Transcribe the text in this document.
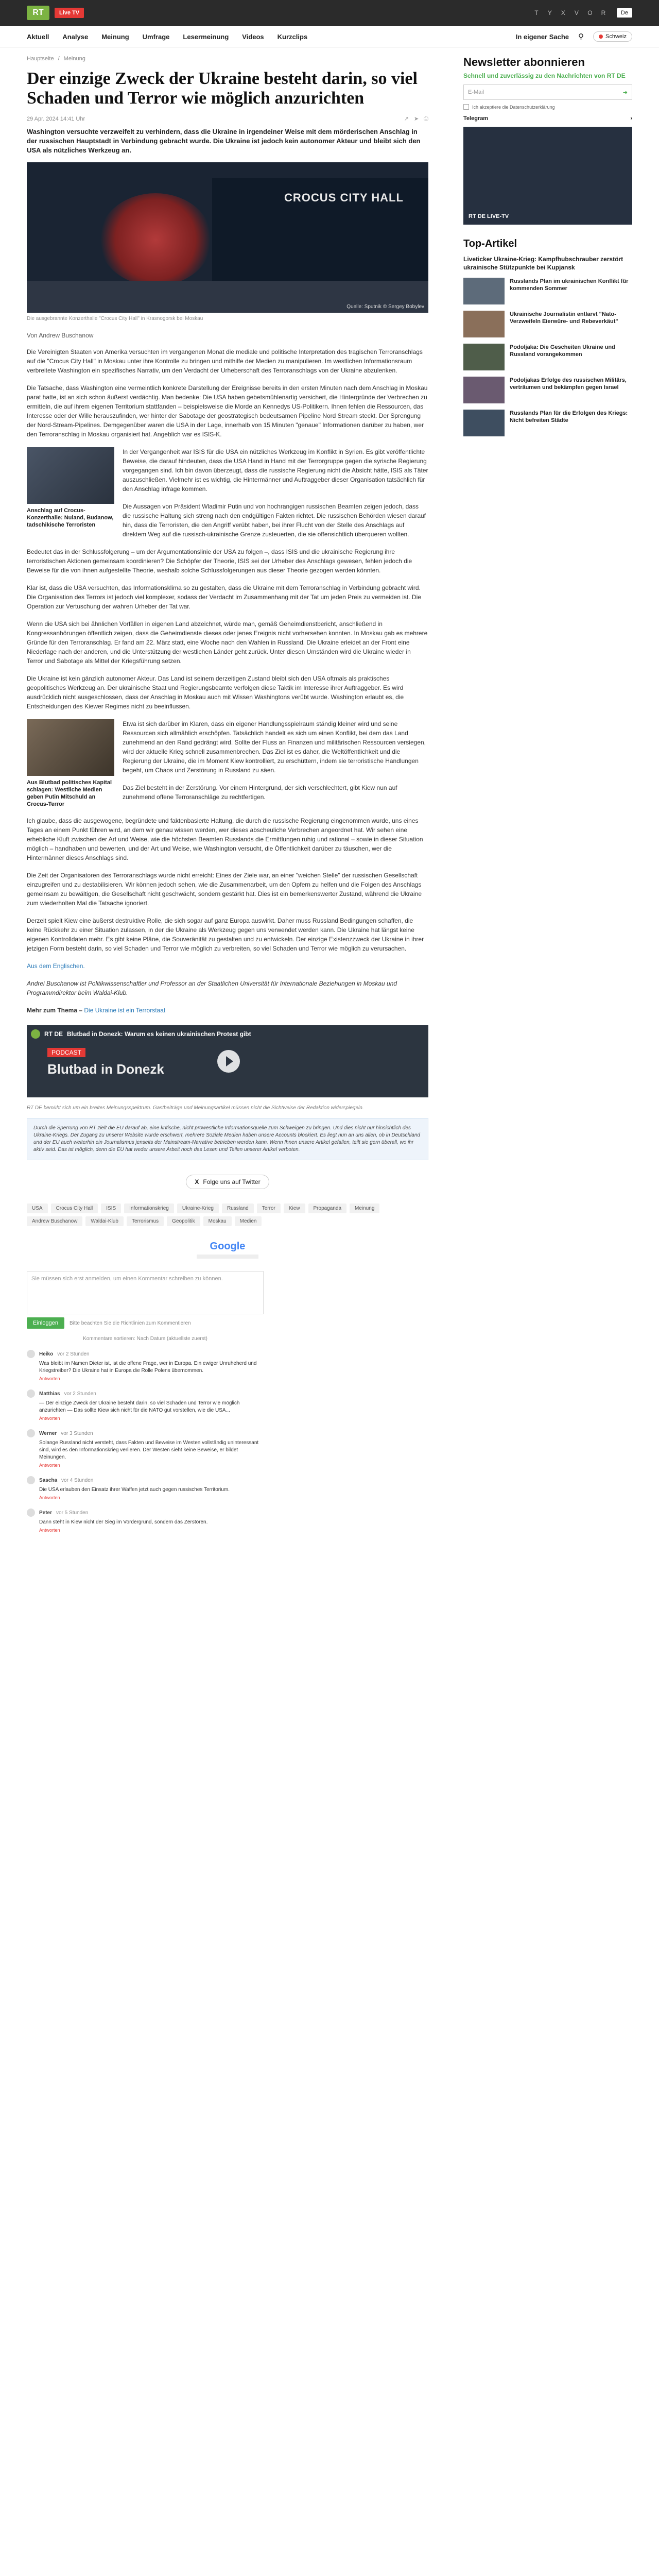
RT	Live TV	T	Y	X	V	O	R	De
Aktuell Analyse Meinung Umfrage Lesermeinung Videos Kurzclips	In eigener Sache ⚲	Schweiz
Hauptseite / Meinung
Der einzige Zweck der Ukraine besteht darin, so viel Schaden und Terror wie möglich anzurichten
29 Apr. 2024 14:41 Uhr	↗ ➤ ⎙

Washington versuchte verzweifelt zu verhindern, dass die Ukraine in irgendeiner Weise mit dem mörderischen Anschlag in der russischen Hauptstadt in Verbindung gebracht wurde. Die Ukraine ist jedoch kein autonomer Akteur und bleibt sich den USA als nützliches Werkzeug an.

CROCUS CITY HALL
Quelle: Sputnik © Sergey Bobylev
Die ausgebrannte Konzerthalle "Crocus City Hall" in Krasnogorsk bei Moskau
Von Andrew Buschanow

Die Vereinigten Staaten von Amerika versuchten im vergangenen Monat die mediale und politische Interpretation des tragischen Terroranschlags auf die "Crocus City Hall" in Moskau unter ihre Kontrolle zu bringen und mithilfe der Medien zu manipulieren. Im westlichen Informationsraum verbreitete Washington ein spezifisches Narrativ, um den Verdacht der Urheberschaft des Terroranschlags von der Ukraine abzulenken.

Die Tatsache, dass Washington eine vermeintlich konkrete Darstellung der Ereignisse bereits in den ersten Minuten nach dem Anschlag in Moskau parat hatte, ist an sich schon äußerst verdächtig. Man bedenke: Die USA haben gebetsmühlenartig versichert, die Hintergründe der Verbrechen zu ermitteln, die auf ihrem eigenen Territorium stattfanden – beispielsweise die Morde an Kennedys US-Politikern. Ihnen fehlen die Ressourcen, das Interesse oder der Wille herauszufinden, wer hinter der Sabotage der geostrategisch bedeutsamen Pipeline Nord Stream steckt. Der Sprengung der Nord-Stream-Pipelines. Demgegenüber waren die USA in der Lage, innerhalb von 15 Minuten "genaue" Informationen darüber zu haben, wer den Terroranschlag in Moskau organisiert hat. Angeblich war es ISIS-K.

Anschlag auf Crocus-Konzerthalle: Nuland, Budanow, tadschikische Terroristen

In der Vergangenheit war ISIS für die USA ein nützliches Werkzeug im Konflikt in Syrien. Es gibt veröffentlichte Beweise, die darauf hindeuten, dass die USA Hand in Hand mit der Terrorgruppe gegen die syrische Regierung vorgegangen sind. Ich bin davon überzeugt, dass die russische Regierung nicht die Absicht hätte, ISIS als Täter auszuschließen. Vielmehr ist es wichtig, die Hintermänner und Auftraggeber dieser Organisation tatsächlich für den Anschlag infrage kommen.

Die Aussagen von Präsident Wladimir Putin und von hochrangigen russischen Beamten zeigen jedoch, dass die russische Haltung sich streng nach den endgültigen Fakten richtet. Die russischen Behörden wiesen darauf hin, dass die Terroristen, die den Angriff verübt haben, bei ihrer Flucht von der Stelle des Anschlags auf direktem Weg auf die russisch-ukrainische Grenze zusteuerten, die sie offensichtlich überqueren wollten.

Bedeutet das in der Schlussfolgerung – um der Argumentationslinie der USA zu folgen –, dass ISIS und die ukrainische Regierung ihre terroristischen Aktionen gemeinsam koordinieren? Die Schöpfer der Theorie, ISIS sei der Urheber des Anschlags gewesen, fehlen jedoch die Beweise für die von ihnen aufgestellte Theorie, weshalb solche Schlussfolgerungen aus dieser Theorie gezogen werden könnten.

Klar ist, dass die USA versuchten, das Informationsklima so zu gestalten, dass die Ukraine mit dem Terroranschlag in Verbindung gebracht wird. Die Organisation des Terrors ist jedoch viel komplexer, sodass der Verdacht im Zusammenhang mit der Tat um jeden Preis zu vermeiden ist. Die Operation zur Vertuschung der wahren Urheber der Tat war.

Wenn die USA sich bei ähnlichen Vorfällen in eigenen Land abzeichnet, würde man, gemäß Geheimdienstbericht, anschließend in Kongressanhörungen öffentlich zeigen, dass die Geheimdienste dieses oder jenes Ereignis nicht vorhersehen konnten. In Moskau gab es mehrere Gründe für den Terroranschlag. Er fand am 22. März statt, eine Woche nach den Wahlen in Russland. Die Ukraine erleidet an der Front eine Niederlage nach der anderen, und die Unterstützung der westlichen Länder geht zurück. Unter diesen Umständen wird die Ukraine wieder in Terror und Sabotage als Mittel der Kriegsführung setzen.

Die Ukraine ist kein gänzlich autonomer Akteur. Das Land ist seinem derzeitigen Zustand bleibt sich den USA oftmals als praktisches geopolitisches Werkzeug an. Der ukrainische Staat und Regierungsbeamte verfolgen diese Taktik im Interesse ihrer Auftraggeber. Es wird ausdrücklich nicht ausgeschlossen, dass der Anschlag in Moskau auch mit Wissen Washingtons verübt wurde. Washington erlaubt es, die Entscheidungen des Kiewer Regimes nicht zu beeinflussen.

Aus Blutbad politisches Kapital schlagen: Westliche Medien geben Putin Mitschuld an Crocus-Terror

Etwa ist sich darüber im Klaren, dass ein eigener Handlungsspielraum ständig kleiner wird und seine Ressourcen sich allmählich erschöpfen. Tatsächlich handelt es sich um einen Konflikt, bei dem das Land zunehmend an den Rand gedrängt wird. Sollte der Fluss an Finanzen und militärischen Ressourcen versiegen, wird der aktuelle Krieg schnell zusammenbrechen. Das Ziel ist es daher, die Weltöffentlichkeit und die Regierung der Ukraine, die im Moment Kiew kontrolliert, zu erschüttern, indem sie terroristische Handlungen begeht, um Chaos und Zerstörung in Russland zu säen.

Das Ziel besteht in der Zerstörung. Vor einem Hintergrund, der sich verschlechtert, gibt Kiew nun auf zunehmend offene Terroranschläge zu rechtfertigen.

Ich glaube, dass die ausgewogene, begründete und faktenbasierte Haltung, die durch die russische Regierung eingenommen wurde, uns eines Tages an einem Punkt führen wird, an dem wir genau wissen werden, wer dieses abscheuliche Verbrechen angeordnet hat. Wir sehen eine erhebliche Kluft zwischen der Art und Weise, wie die höchsten Beamten Russlands die Ermittlungen ruhig und rational – sowie in dieser Situation möglich – handhaben und bewerten, und der Art und Weise, wie Washington versucht, die Öffentlichkeit darüber zu täuschen, wer die Hintermänner dieses Anschlags sind.

Die Zeit der Organisatoren des Terroranschlags wurde nicht erreicht: Eines der Ziele war, an einer "weichen Stelle" der russischen Gesellschaft einzugreifen und zu destabilisieren. Wir können jedoch sehen, wie die Zusammenarbeit, um den Opfern zu helfen und die Folgen des Anschlags gemeinsam zu bewältigen, die Gesellschaft nicht geschwächt, sondern gestärkt hat. Dies ist ein bemerkenswerter Zustand, während die Ukraine zum wiederholten Mal die Tatsache ignoriert.

Derzeit spielt Kiew eine äußerst destruktive Rolle, die sich sogar auf ganz Europa auswirkt. Daher muss Russland Bedingungen schaffen, die keine Rückkehr zu einer Situation zulassen, in der die Ukraine als Werkzeug gegen uns verwendet werden kann. Die Ukraine hat längst keine eigenen Kontrolldaten mehr. Es gibt keine Pläne, die Souveränität zu gestalten und zu entwickeln. Der einzige Existenzzweck der Ukraine in ihrer jetzigen Form besteht darin, so viel Schaden und Terror wie möglich zu verbreiten, so viel Schaden und Terror wie möglich zu verursachen.

Aus dem Englischen.

Andrei Buschanow ist Politikwissenschaftler und Professor an der Staatlichen Universität für Internationale Beziehungen in Moskau und Programmdirektor beim Waldai-Klub.

Mehr zum Thema – Die Ukraine ist ein Terrorstaat

RT DE Blutbad in Donezk: Warum es keinen ukrainischen Protest gibt
PODCAST
Blutbad in Donezk

RT DE bemüht sich um ein breites Meinungsspektrum. Gastbeiträge und Meinungsartikel müssen nicht die Sichtweise der Redaktion widerspiegeln.

Durch die Sperrung von RT zielt die EU darauf ab, eine kritische, nicht prowestliche Informationsquelle zum Schweigen zu bringen. Und dies nicht nur hinsichtlich des Ukraine-Kriegs. Der Zugang zu unserer Website wurde erschwert, mehrere Soziale Medien haben unsere Accounts blockiert. Es liegt nun an uns allen, ob in Deutschland und der EU auch weiterhin ein Journalismus jenseits der Mainstream-Narrative betrieben werden kann. Wenn Ihnen unsere Artikel gefallen, teilt sie gern überall, wo ihr aktiv seid. Das ist möglich, denn die EU hat weder unsere Arbeit noch das Lesen und Teilen unserer Artikel verboten.
X Folge uns auf Twitter
USA	Crocus City Hall	ISIS	Informationskrieg	Ukraine-Krieg	Russland	Terror	Kiew	Propaganda	Meinung
Andrew Buschanow	Waldai-Klub	Terrorismus	Geopolitik	Moskau	Medien
Google
Sie müssen sich erst anmelden, um einen Kommentar schreiben zu können.
Einloggen	Bitte beachten Sie die Richtlinien zum Kommentieren
Kommentare sortieren: Nach Datum (aktuellste zuerst)
Heiko vor 2 Stunden
Was bleibt im Namen Dieter ist, ist die offene Frage, wer in Europa. Ein ewiger Unruheherd und Kriegstreiber? Die Ukraine hat in Europa die Rolle Polens übernommen.
Antworten
Matthias vor 2 Stunden
— Der einzige Zweck der Ukraine besteht darin, so viel Schaden und Terror wie möglich anzurichten — Das sollte Kiew sich nicht für die NATO gut vorstellen, wie die USA...
Antworten
Werner vor 3 Stunden
Solange Russland nicht versteht, dass Fakten und Beweise im Westen vollständig uninteressant sind, wird es den Informationskrieg verlieren. Der Westen sieht keine Beweise, er bildet Meinungen.
Antworten
Sascha vor 4 Stunden
Die USA erlauben den Einsatz ihrer Waffen jetzt auch gegen russisches Territorium.
Antworten
Peter vor 5 Stunden
Dann steht in Kiew nicht der Sieg im Vordergrund, sondern das Zerstören.
Antworten
Newsletter abonnieren
Schnell und zuverlässig zu den Nachrichten von RT DE
E-Mail	➜
Ich akzeptiere die Datenschutzerklärung
Telegram	›
RT DE LIVE-TV
Top-Artikel
Liveticker Ukraine-Krieg: Kampfhubschrauber zerstört ukrainische Stützpunkte bei Kupjansk
Russlands Plan im ukrainischen Konflikt für kommenden Sommer
Ukrainische Journalistin entlarvt "Nato-Verzweifeln Eierwüre- und Rebeverkäut"
Podoljaka: Die Gescheiten Ukraine und Russland vorangekommen
Podoljakas Erfolge des russischen Militärs, verträumen und bekämpfen gegen Israel
Russlands Plan für die Erfolgen des Kriegs: Nicht befreiten Städte
